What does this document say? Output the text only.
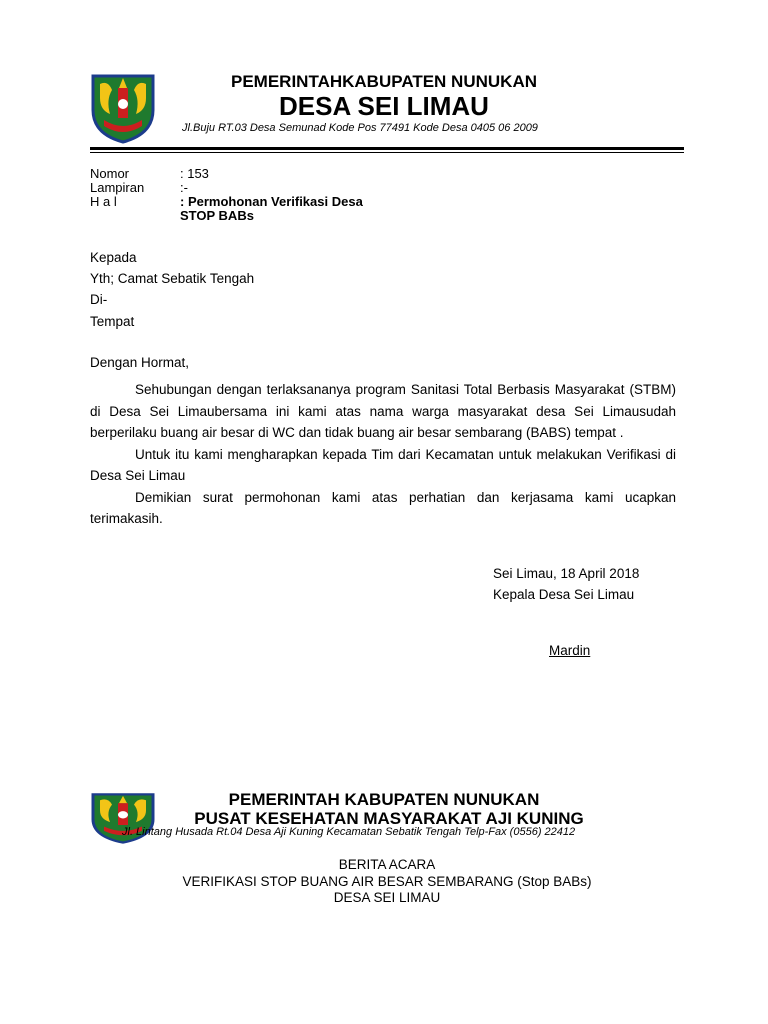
PEMERINTAHKABUPATEN NUNUKAN
DESA SEI LIMAU
Jl.Buju RT.03 Desa Semunad Kode Pos 77491 Kode Desa 0405 06 2009
Nomor	: 153
Lampiran	:-
H a l	: Permohonan Verifikasi Desa
STOP BABs
Kepada
Yth; Camat Sebatik Tengah
Di-
Tempat
Dengan Hormat,

Sehubungan dengan terlaksananya program Sanitasi Total Berbasis Masyarakat (STBM) di Desa Sei Limaubersama ini kami atas nama warga masyarakat desa Sei Limausudah berperilaku buang air besar di WC dan tidak buang air besar sembarang (BABS) tempat .

Untuk itu kami mengharapkan kepada Tim dari Kecamatan untuk melakukan Verifikasi di Desa Sei Limau

Demikian surat permohonan kami atas perhatian dan kerjasama kami ucapkan terimakasih.

Sei Limau, 18 April 2018
Kepala Desa Sei Limau
Mardin
PEMERINTAH KABUPATEN NUNUKAN
PUSAT KESEHATAN MASYARAKAT AJI KUNING
Jl. Lintang Husada Rt.04 Desa Aji Kuning Kecamatan Sebatik Tengah Telp-Fax (0556) 22412
BERITA ACARA
VERIFIKASI STOP BUANG AIR BESAR SEMBARANG (Stop BABs)
DESA SEI LIMAU
